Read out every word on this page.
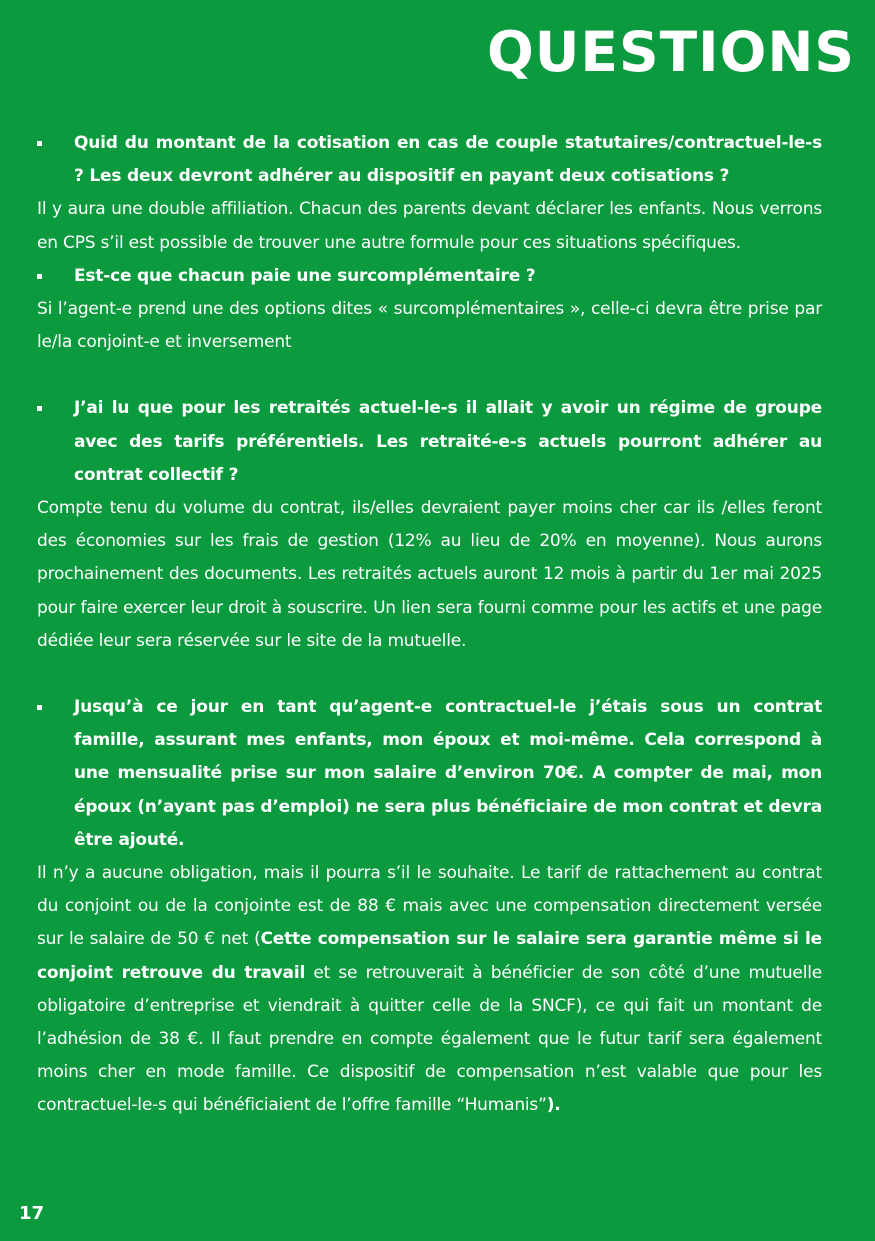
QUESTIONS

Quid du montant de la cotisation en cas de couple statutaires/contractuel-le-s ? Les deux devront adhérer au dispositif en payant deux cotisations ?

Il y aura une double affiliation. Chacun des parents devant déclarer les enfants. Nous verrons en CPS s’il est possible de trouver une autre formule pour ces situations spécifiques.

Est-ce que chacun paie une surcomplémentaire ?

Si l’agent-e prend une des options dites « surcomplémentaires », celle-ci devra être prise par le/la conjoint-e et inversement

J’ai lu que pour les retraités actuel-le-s il allait y avoir un régime de groupe avec des tarifs préférentiels. Les retraité-e-s actuels pourront adhérer au contrat collectif ?

Compte tenu du volume du contrat, ils/elles devraient payer moins cher car ils /elles feront des économies sur les frais de gestion (12% au lieu de 20% en moyenne). Nous aurons prochainement des documents. Les retraités actuels auront 12 mois à partir du 1er mai 2025 pour faire exercer leur droit à souscrire. Un lien sera fourni comme pour les actifs et une page dédiée leur sera réservée sur le site de la mutuelle.

Jusqu’à ce jour en tant qu’agent-e contractuel-le j’étais sous un contrat famille, assurant mes enfants, mon époux et moi-même. Cela correspond à une mensualité prise sur mon salaire d’environ 70€. A compter de mai, mon époux (n’ayant pas d’emploi) ne sera plus bénéficiaire de mon contrat et devra être ajouté.

Il n’y a aucune obligation, mais il pourra s’il le souhaite. Le tarif de rattachement au contrat du conjoint ou de la conjointe est de 88 € mais avec une compensation directement versée sur le salaire de 50 € net (Cette compensation sur le salaire sera garantie même si le conjoint retrouve du travail et se retrouverait à bénéficier de son côté d’une mutuelle obligatoire d’entreprise et viendrait à quitter celle de la SNCF), ce qui fait un montant de l’adhésion de 38 €. Il faut prendre en compte également que le futur tarif sera également moins cher en mode famille. Ce dispositif de compensation n’est valable que pour les contractuel-le-s qui bénéficiaient de l’offre famille “Humanis”).

17
